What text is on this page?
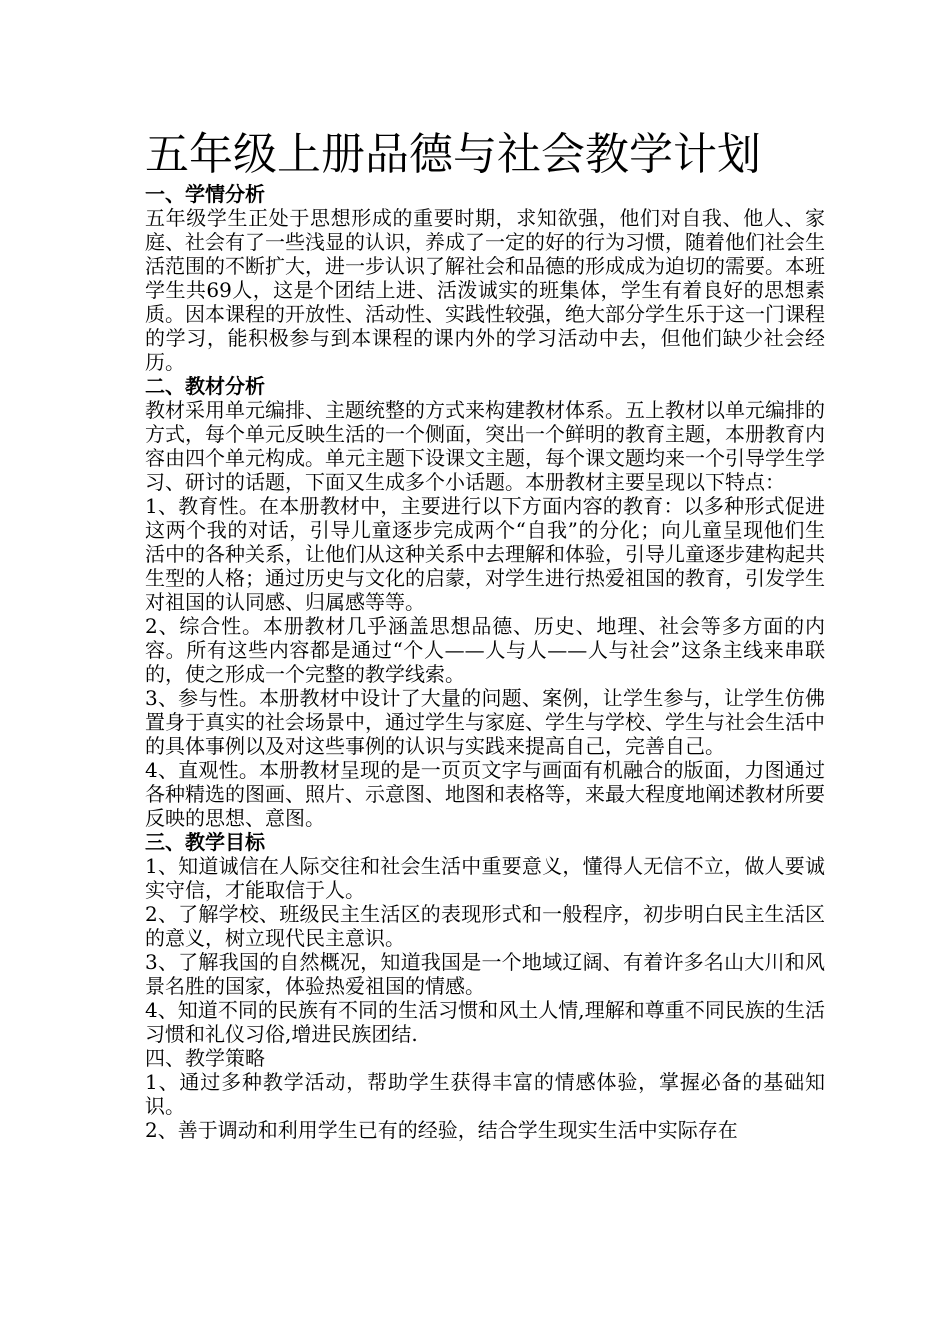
五年级上册品德与社会教学计划
一、学情分析

五年级学生正处于思想形成的重要时期，求知欲强，他们对自我、他人、家庭、社会有了一些浅显的认识，养成了一定的好的行为习惯，随着他们社会生活范围的不断扩大，进一步认识了解社会和品德的形成成为迫切的需要。本班学生共69人，这是个团结上进、活泼诚实的班集体，学生有着良好的思想素质。因本课程的开放性、活动性、实践性较强，绝大部分学生乐于这一门课程的学习，能积极参与到本课程的课内外的学习活动中去，但他们缺少社会经历。

二、教材分析

教材采用单元编排、主题统整的方式来构建教材体系。五上教材以单元编排的方式，每个单元反映生活的一个侧面，突出一个鲜明的教育主题，本册教育内容由四个单元构成。单元主题下设课文主题，每个课文题均来一个引导学生学习、研讨的话题，下面又生成多个小话题。本册教材主要呈现以下特点：

1、教育性。在本册教材中，主要进行以下方面内容的教育：以多种形式促进这两个我的对话，引导儿童逐步完成两个“自我”的分化；向儿童呈现他们生活中的各种关系，让他们从这种关系中去理解和体验，引导儿童逐步建构起共生型的人格；通过历史与文化的启蒙，对学生进行热爱祖国的教育，引发学生对祖国的认同感、归属感等等。

2、综合性。本册教材几乎涵盖思想品德、历史、地理、社会等多方面的内容。所有这些内容都是通过“个人——人与人——人与社会”这条主线来串联的，使之形成一个完整的教学线索。

3、参与性。本册教材中设计了大量的问题、案例，让学生参与，让学生仿佛置身于真实的社会场景中，通过学生与家庭、学生与学校、学生与社会生活中的具体事例以及对这些事例的认识与实践来提高自己，完善自己。

4、直观性。本册教材呈现的是一页页文字与画面有机融合的版面，力图通过各种精选的图画、照片、示意图、地图和表格等，来最大程度地阐述教材所要反映的思想、意图。

三、教学目标

1、知道诚信在人际交往和社会生活中重要意义，懂得人无信不立，做人要诚实守信，才能取信于人。

2、了解学校、班级民主生活区的表现形式和一般程序，初步明白民主生活区的意义，树立现代民主意识。

3、了解我国的自然概况，知道我国是一个地域辽阔、有着许多名山大川和风景名胜的国家，体验热爱祖国的情感。

4、知道不同的民族有不同的生活习惯和风土人情,理解和尊重不同民族的生活习惯和礼仪习俗,增进民族团结.

四、教学策略

1、通过多种教学活动，帮助学生获得丰富的情感体验，掌握必备的基础知识。

2、善于调动和利用学生已有的经验，结合学生现实生活中实际存在
